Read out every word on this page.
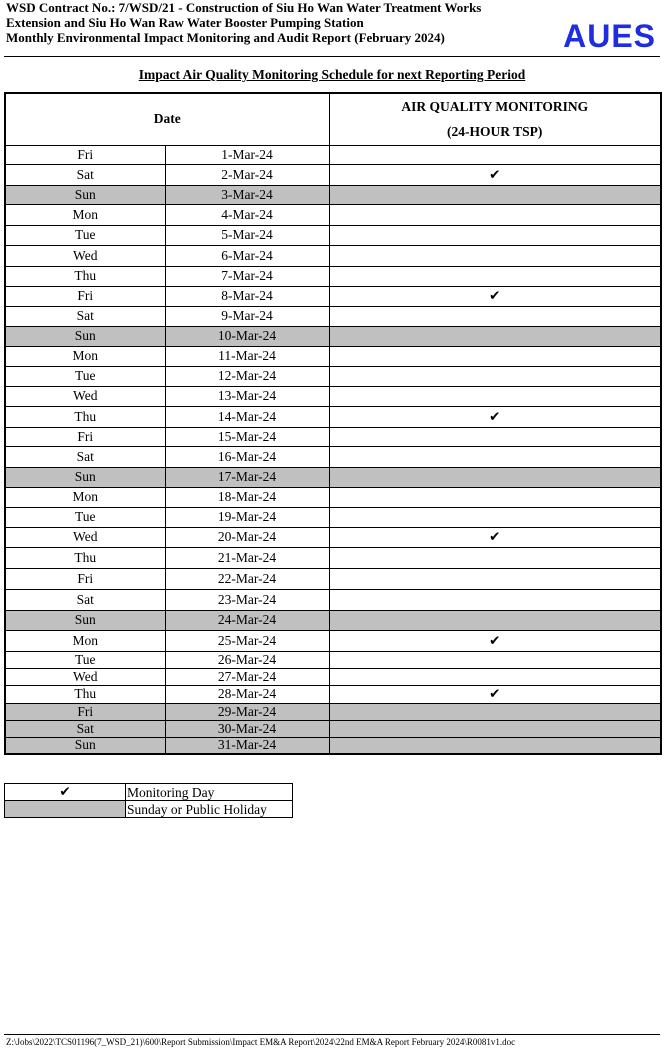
WSD Contract No.: 7/WSD/21 - Construction of Siu Ho Wan Water Treatment Works
Extension and Siu Ho Wan Raw Water Booster Pumping Station
Monthly Environmental Impact Monitoring and Audit Report (February 2024)	AUES
Impact Air Quality Monitoring Schedule for next Reporting Period
Date		AIR QUALITY MONITORING
(24-HOUR TSP)

Fri	1-Mar-24	
Sat	2-Mar-24	✔
Sun	3-Mar-24	
Mon	4-Mar-24	
Tue	5-Mar-24	
Wed	6-Mar-24	
Thu	7-Mar-24	
Fri	8-Mar-24	✔
Sat	9-Mar-24	
Sun	10-Mar-24	
Mon	11-Mar-24	
Tue	12-Mar-24	
Wed	13-Mar-24	
Thu	14-Mar-24	✔
Fri	15-Mar-24	
Sat	16-Mar-24	
Sun	17-Mar-24	
Mon	18-Mar-24	
Tue	19-Mar-24	
Wed	20-Mar-24	✔
Thu	21-Mar-24	
Fri	22-Mar-24	
Sat	23-Mar-24	
Sun	24-Mar-24	
Mon	25-Mar-24	✔
Tue	26-Mar-24	
Wed	27-Mar-24	
Thu	28-Mar-24	✔
Fri	29-Mar-24	
Sat	30-Mar-24	
Sun	31-Mar-24	
✔	Monitoring Day
	Sunday or Public Holiday
Z:\Jobs\2022\TCS01196(7_WSD_21)\600\Report Submission\Impact EM&A Report\2024\22nd EM&A Report February 2024\R0081v1.doc
